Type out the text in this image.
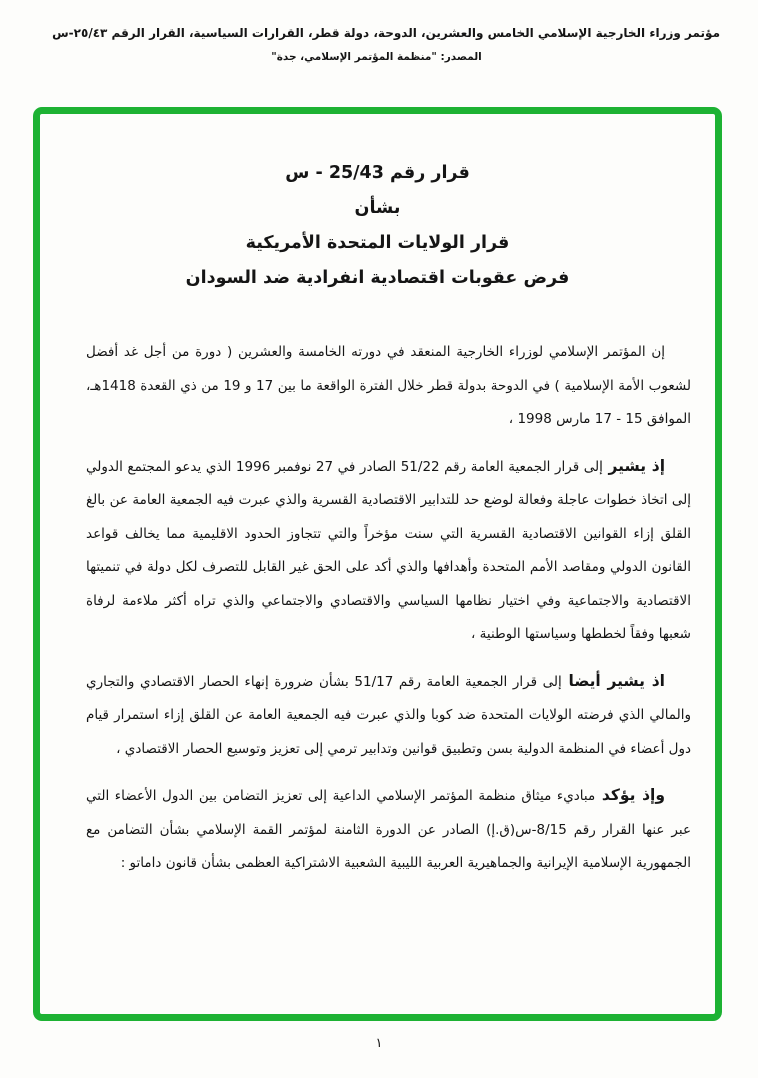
مؤتمر وزراء الخارجية الإسلامي الخامس والعشرين، الدوحة، دولة قطر، القرارات السياسية، القرار الرقم ٢٥/٤٣-س
المصدر: "منظمة المؤتمر الإسلامي، جدة"
قرار رقم 25/43 - س
بشأن
قرار الولايات المتحدة الأمريكية
فرض عقوبات اقتصادية انفرادية ضد السودان

إن المؤتمر الإسلامي لوزراء الخارجية المنعقد في دورته الخامسة والعشرين ( دورة من أجل غد أفضل لشعوب الأمة الإسلامية ) في الدوحة بدولة قطر خلال الفترة الواقعة ما بين 17 و 19 من ذي القعدة 1418هـ، الموافق 15 - 17 مارس 1998 ،

إذ يشير إلى قرار الجمعية العامة رقم 51/22 الصادر في 27 نوفمبر 1996 الذي يدعو المجتمع الدولي إلى اتخاذ خطوات عاجلة وفعالة لوضع حد للتدابير الاقتصادية القسرية والذي عبرت فيه الجمعية العامة عن بالغ القلق إزاء القوانين الاقتصادية القسرية التي سنت مؤخراً والتي تتجاوز الحدود الاقليمية مما يخالف قواعد القانون الدولي ومقاصد الأمم المتحدة وأهدافها والذي أكد على الحق غير القابل للتصرف لكل دولة في تنميتها الاقتصادية والاجتماعية وفي اختيار نظامها السياسي والاقتصادي والاجتماعي والذي تراه أكثر ملاءمة لرفاة شعبها وفقاً لخططها وسياستها الوطنية ،

اذ يشير أيضا إلى قرار الجمعية العامة رقم 51/17 بشأن ضرورة إنهاء الحصار الاقتصادي والتجاري والمالي الذي فرضته الولايات المتحدة ضد كوبا والذي عبرت فيه الجمعية العامة عن القلق إزاء استمرار قيام دول أعضاء في المنظمة الدولية بسن وتطبيق قوانين وتدابير ترمي إلى تعزيز وتوسيع الحصار الاقتصادي ،

وإذ يؤكد مباديء ميثاق منظمة المؤتمر الإسلامي الداعية إلى تعزيز التضامن بين الدول الأعضاء التي عبر عنها القرار رقم 8/15-س(ق.إ) الصادر عن الدورة الثامنة لمؤتمر القمة الإسلامي بشأن التضامن مع الجمهورية الإسلامية الإيرانية والجماهيرية العربية الليبية الشعبية الاشتراكية العظمى بشأن قانون داماتو :

١
